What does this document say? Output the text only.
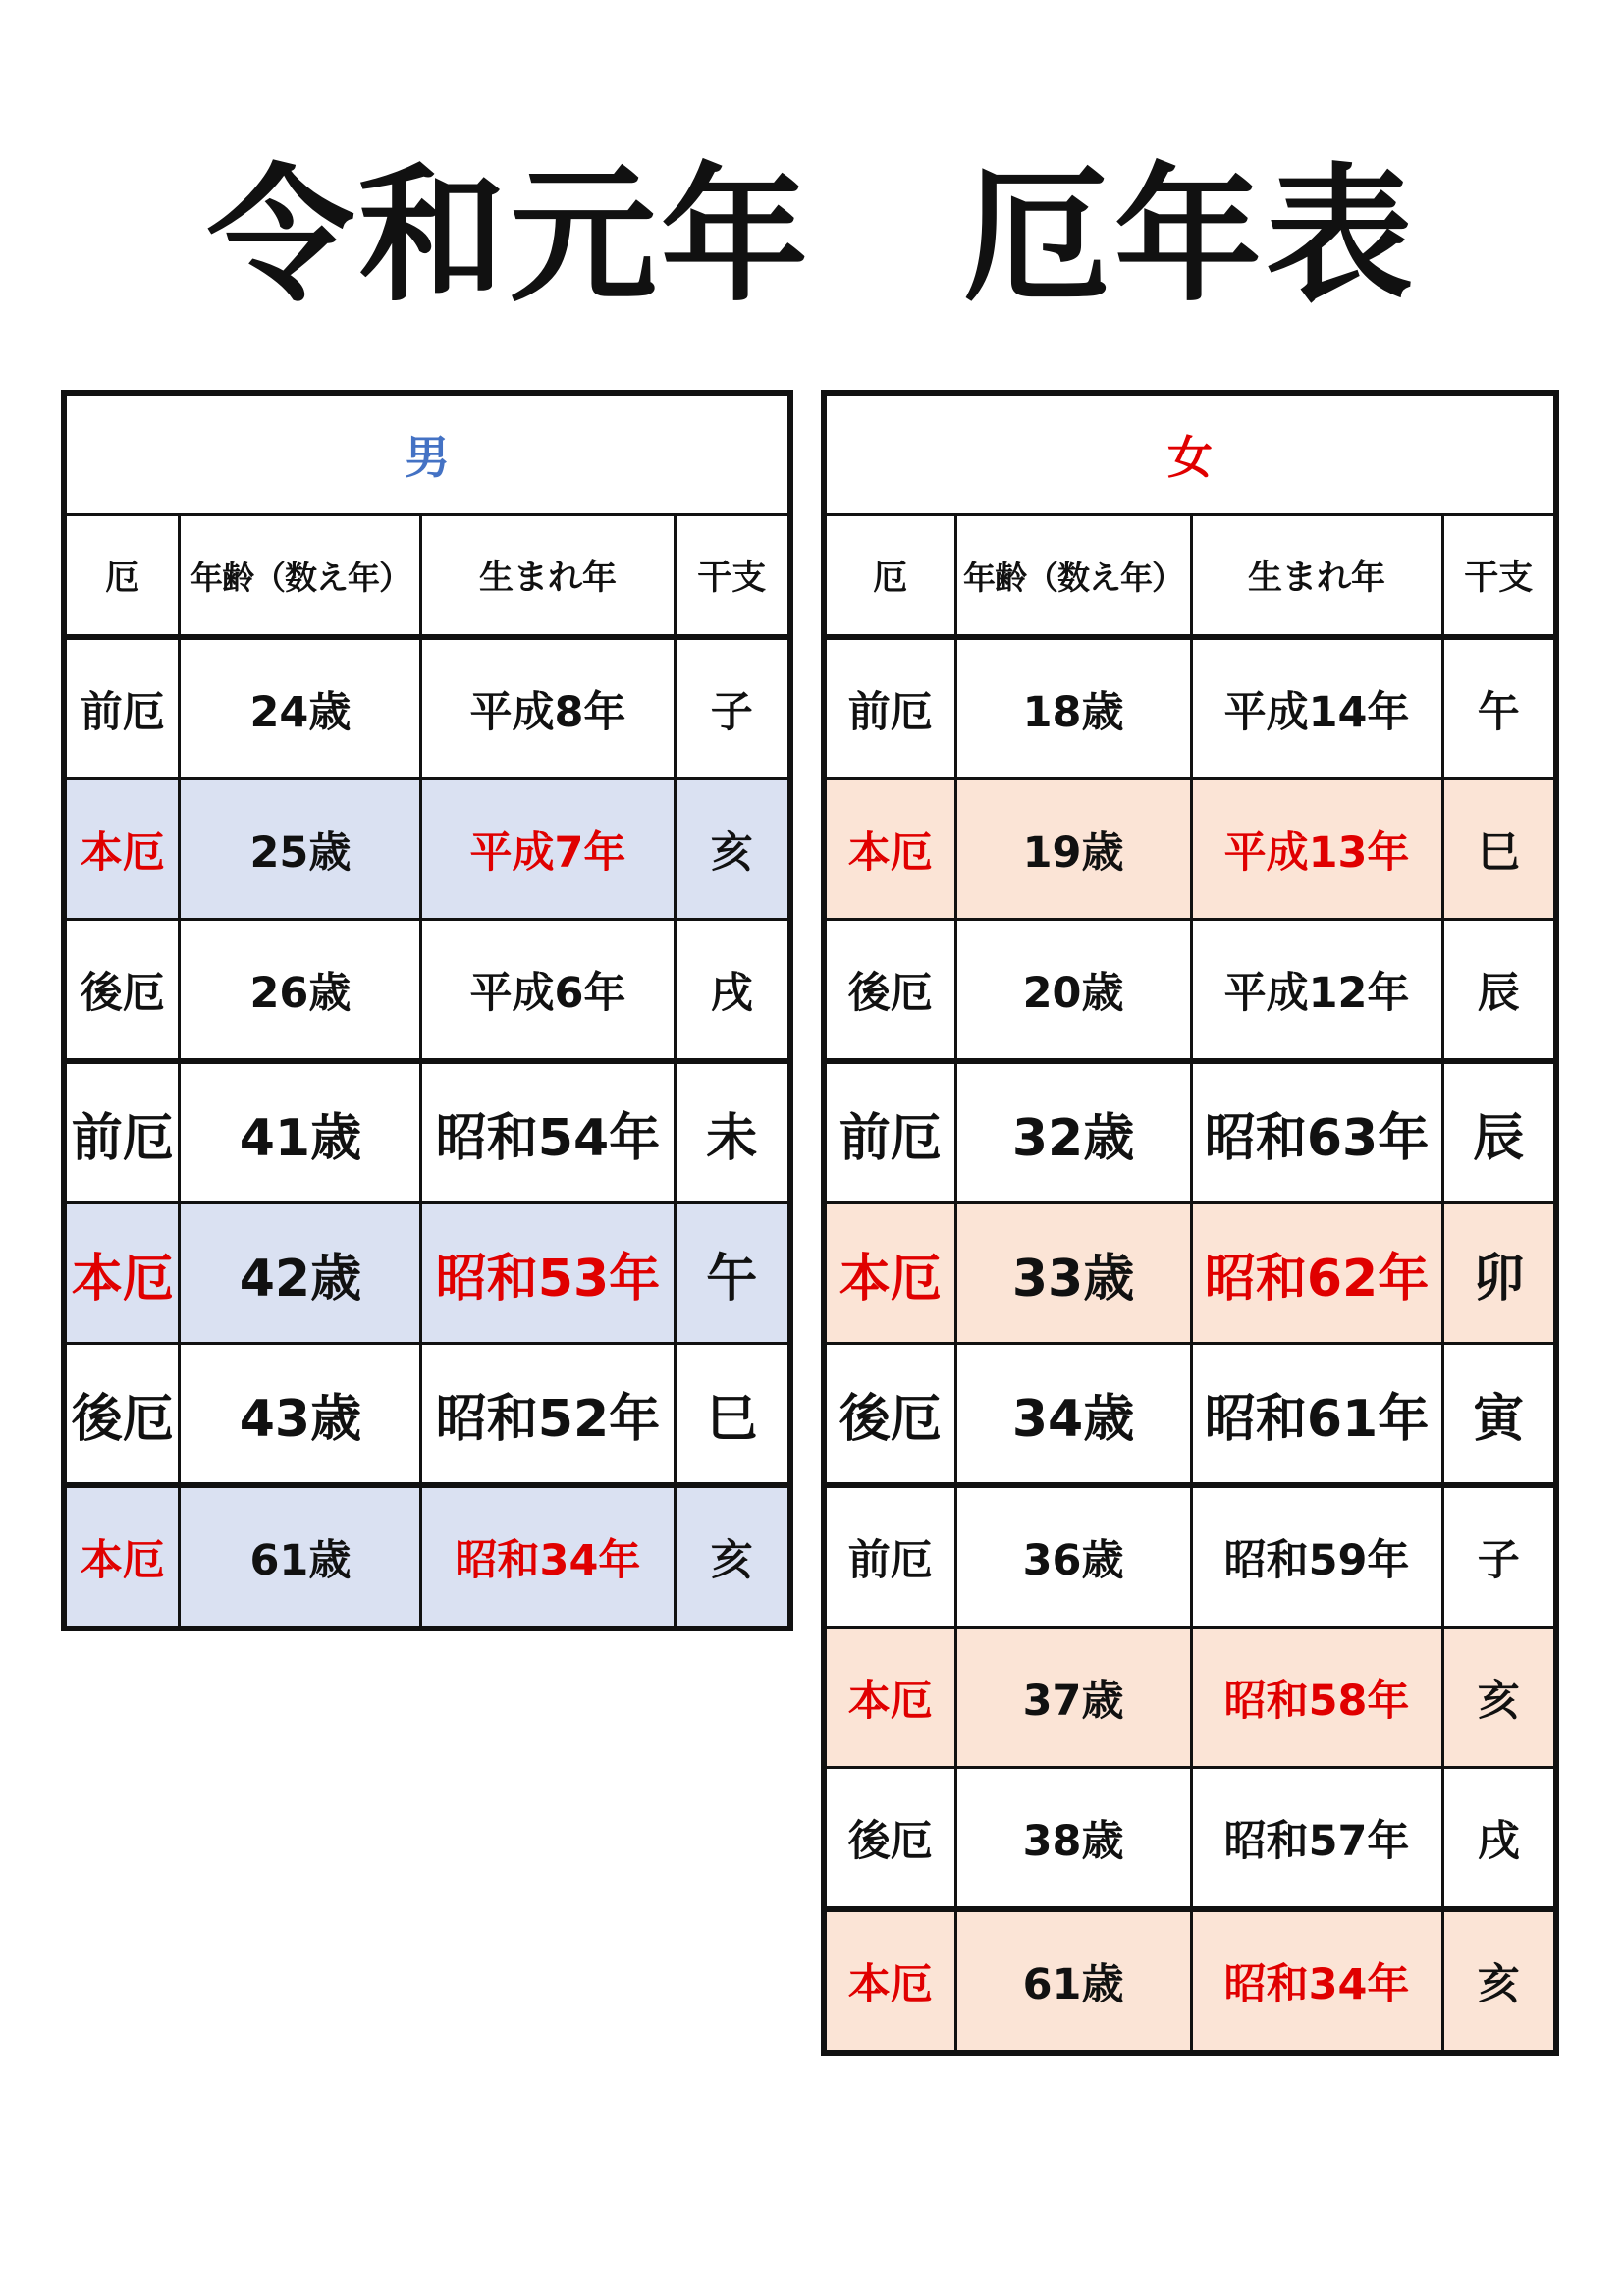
令和元年　厄年表
男			
厄	年齢（数え年）	生まれ年	干支
前厄	24歳	平成8年	子
本厄	25歳	平成7年	亥
後厄	26歳	平成6年	戌
前厄	41歳	昭和54年	未
本厄	42歳	昭和53年	午
後厄	43歳	昭和52年	巳
本厄	61歳	昭和34年	亥
女			
厄	年齢（数え年）	生まれ年	干支
前厄	18歳	平成14年	午
本厄	19歳	平成13年	巳
後厄	20歳	平成12年	辰
前厄	32歳	昭和63年	辰
本厄	33歳	昭和62年	卯
後厄	34歳	昭和61年	寅
前厄	36歳	昭和59年	子
本厄	37歳	昭和58年	亥
後厄	38歳	昭和57年	戌
本厄	61歳	昭和34年	亥
